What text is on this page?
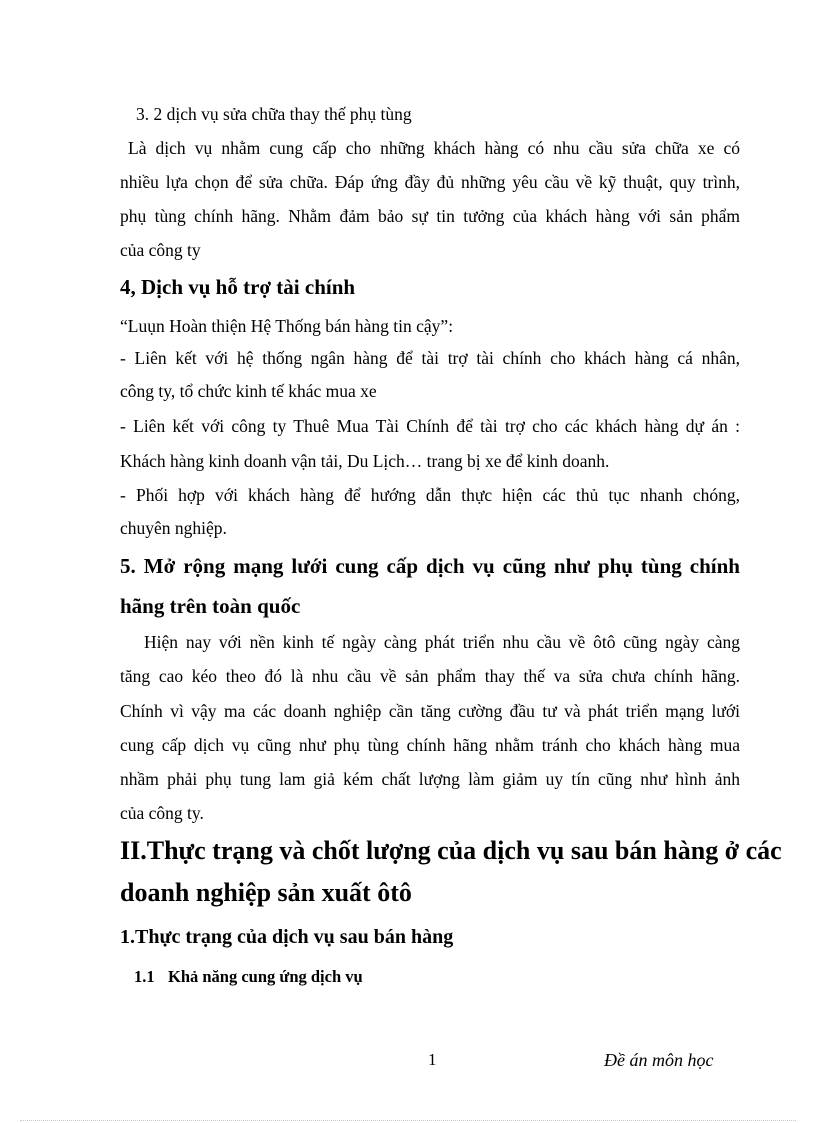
3. 2 dịch vụ sửa chữa thay thế phụ tùng
Là dịch vụ nhằm cung cấp cho những khách hàng có nhu cầu sửa chữa xe có
nhiều lựa chọn để sửa chữa. Đáp ứng đầy đủ những yêu cầu về kỹ thuật, quy trình,
phụ tùng chính hãng. Nhằm đảm bảo sự tin tưởng của khách hàng với sản phẩm
của công ty
4, Dịch vụ hỗ trợ tài chính
“Luụn Hoàn thiện Hệ Thống bán hàng tin cậy”:
- Liên kết với hệ thống ngân hàng để tài trợ tài chính cho khách hàng cá nhân,
công ty, tổ chức kinh tế khác mua xe
- Liên kết với công ty Thuê Mua Tài Chính để tài trợ cho các khách hàng dự án :
Khách hàng kinh doanh vận tải, Du Lịch… trang bị xe để kinh doanh.
- Phối hợp với khách hàng để hướng dẫn thực hiện các thủ tục nhanh chóng,
chuyên nghiệp.
5. Mở rộng mạng lưới cung cấp dịch vụ cũng như phụ tùng chính
hãng trên toàn quốc
Hiện nay với nền kinh tế ngày càng phát triển nhu cầu về ôtô cũng ngày càng
tăng cao kéo theo đó là nhu cầu về sản phẩm thay thế va sửa chưa chính hãng.
Chính vì vậy ma các doanh nghiệp cần tăng cường đầu tư và phát triển mạng lưới
cung cấp dịch vụ cũng như phụ tùng chính hãng nhằm tránh cho khách hàng mua
nhầm phải phụ tung lam giả kém chất lượng làm giảm uy tín cũng như hình ảnh
của công ty.
II.Thực trạng và chốt lượng của dịch vụ sau bán hàng ở các
doanh nghiệp sản xuất ôtô
1.Thực trạng của dịch vụ sau bán hàng
1.1 Khả năng cung ứng dịch vụ
1	Đề án môn học
